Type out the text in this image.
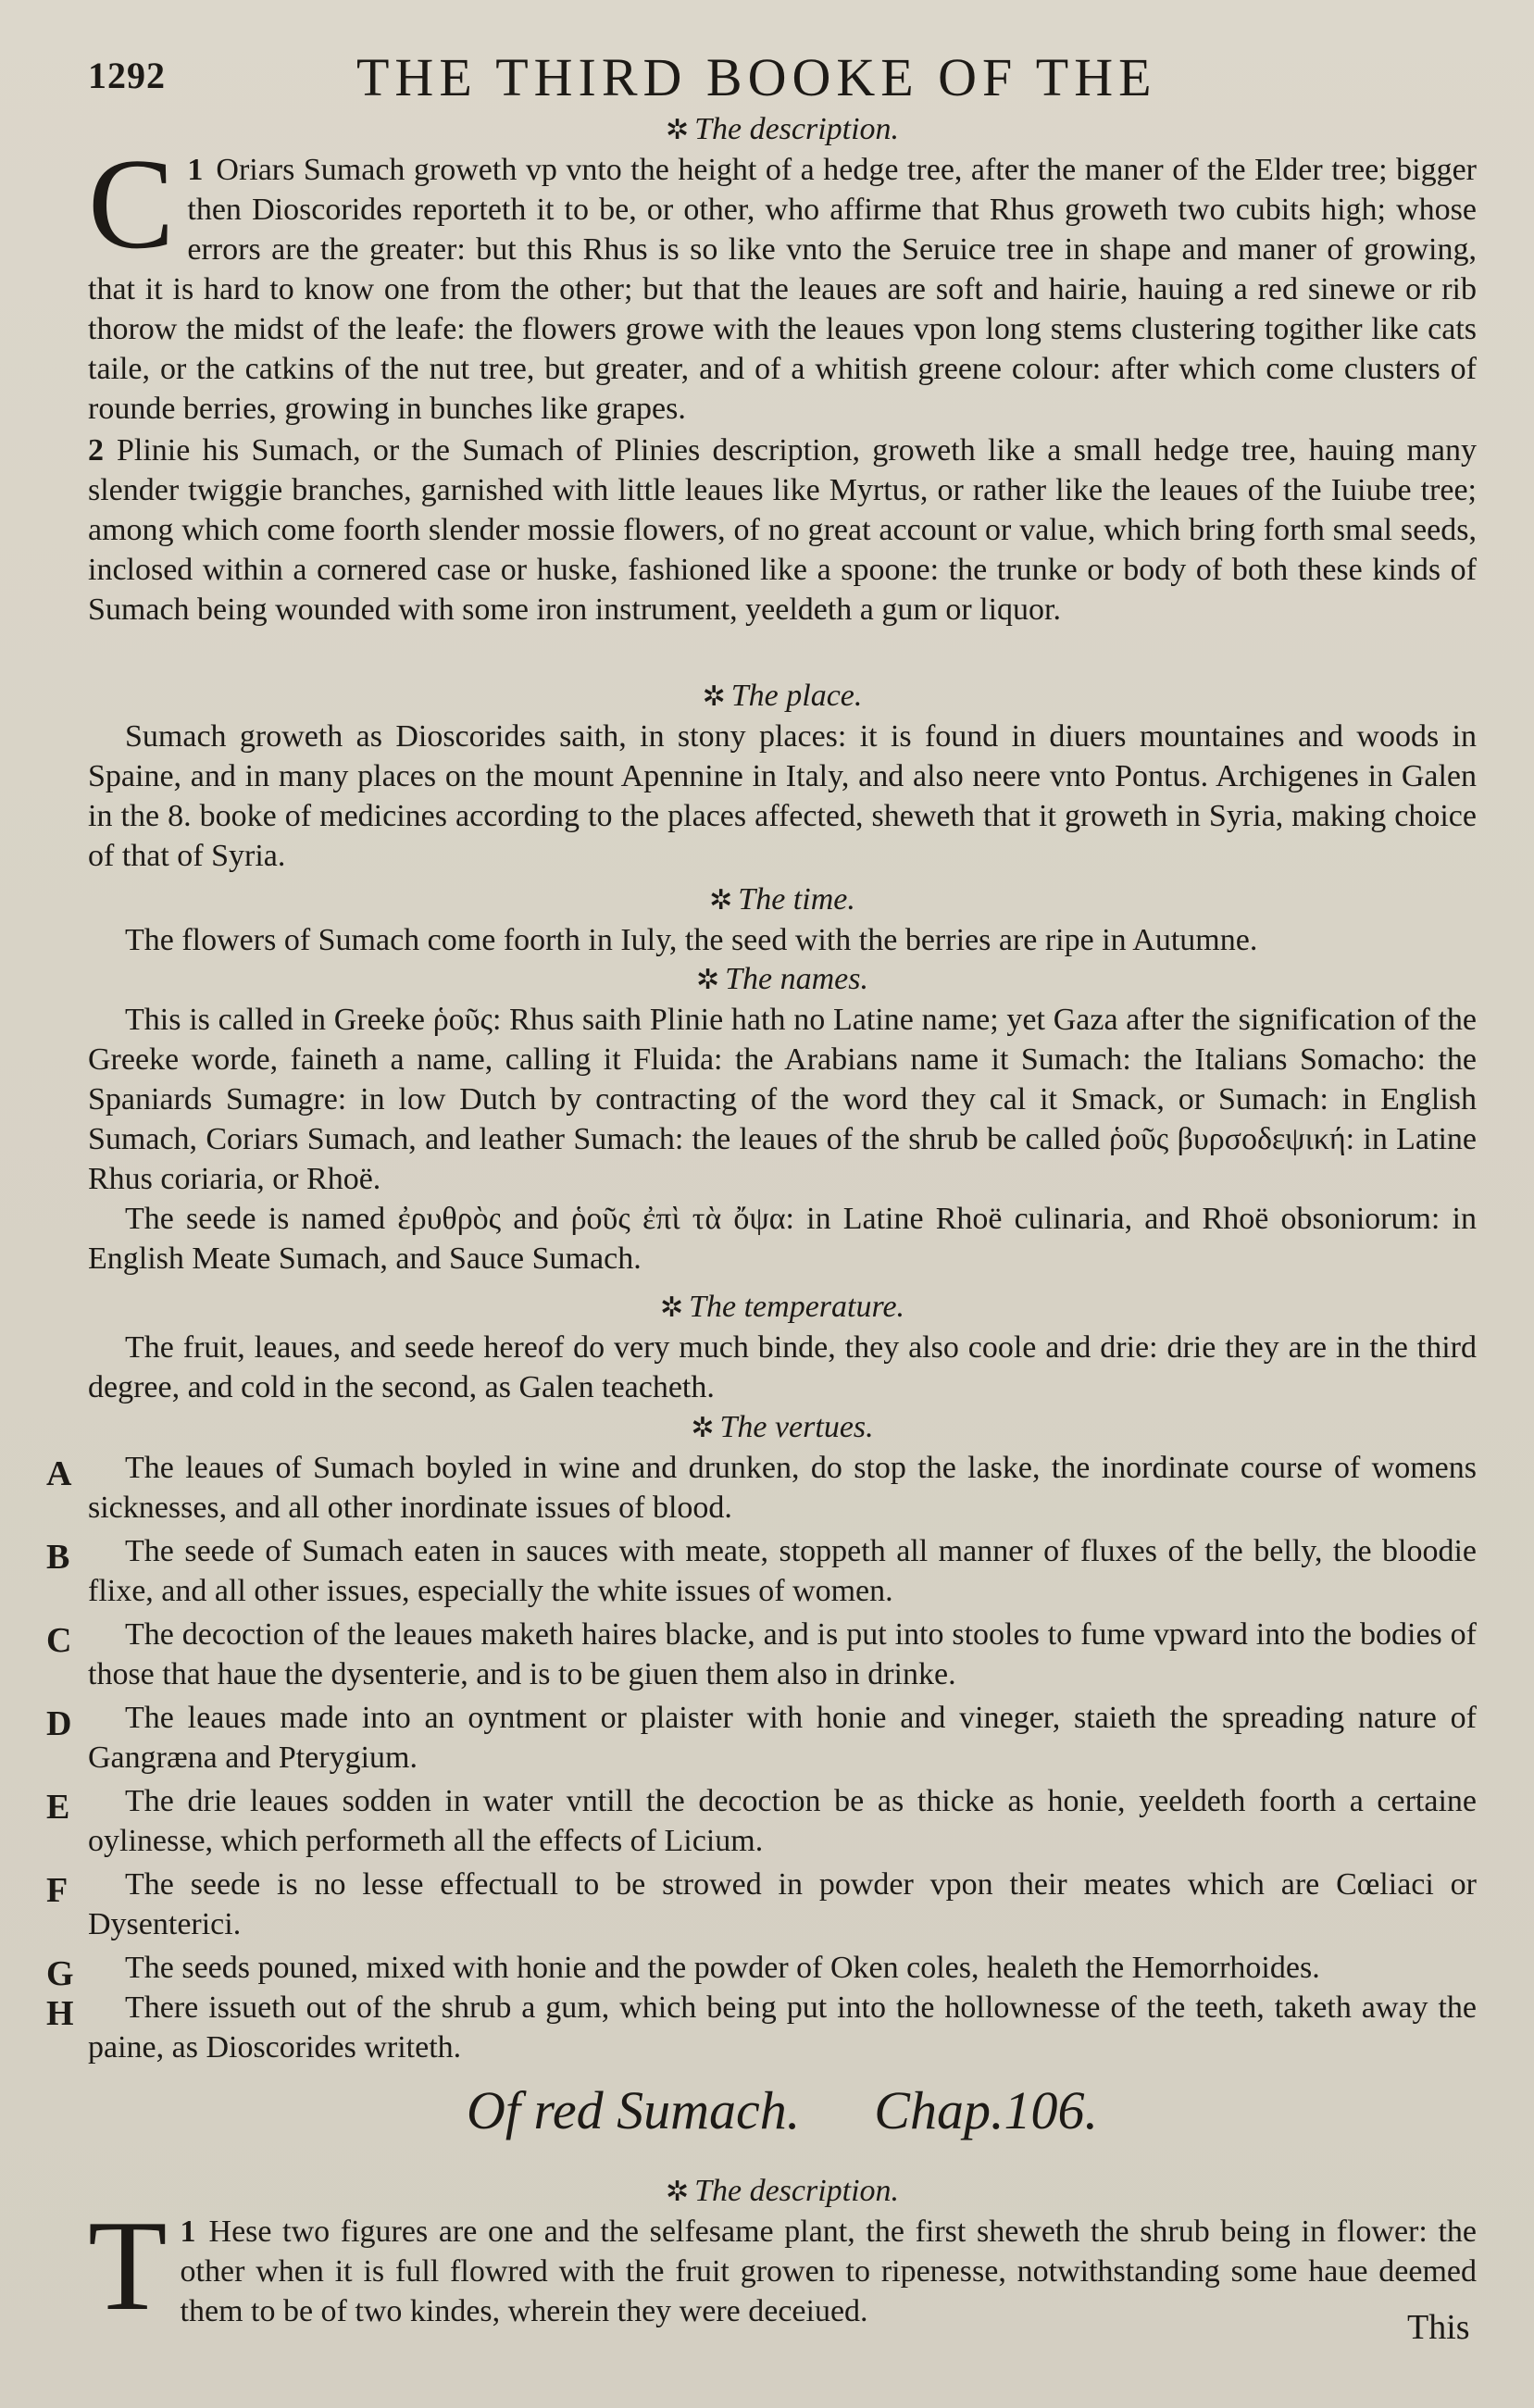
1292	THE THIRD BOOKE OF THE
✲ The description.

1
C Oriars Sumach groweth vp vnto the height of a hedge tree, after the maner of the Elder tree; bigger then Dioscorides reporteth it to be, or other, who affirme that Rhus groweth two cubits high; whose errors are the greater: but this Rhus is so like vnto the Seruice tree in shape and maner of growing, that it is hard to know one from the other; but that the leaues are soft and hairie, hauing a red sinewe or rib thorow the midst of the leafe: the flowers growe with the leaues vpon long stems clustering togither like cats taile, or the catkins of the nut tree, but greater, and of a whitish greene colour: after which come clusters of rounde berries, growing in bunches like grapes.

2 Plinie his Sumach, or the Sumach of Plinies description, groweth like a small hedge tree, hauing many slender twiggie branches, garnished with little leaues like Myrtus, or rather like the leaues of the Iuiube tree; among which come foorth slender mossie flowers, of no great account or value, which bring forth smal seeds, inclosed within a cornered case or huske, fashioned like a spoone: the trunke or body of both these kinds of Sumach being wounded with some iron instrument, yeeldeth a gum or liquor.

✲ The place.

Sumach groweth as Dioscorides saith, in stony places: it is found in diuers mountaines and woods in Spaine, and in many places on the mount Apennine in Italy, and also neere vnto Pontus. Archigenes in Galen in the 8. booke of medicines according to the places affected, sheweth that it groweth in Syria, making choice of that of Syria.

✲ The time.

The flowers of Sumach come foorth in Iuly, the seed with the berries are ripe in Autumne.

✲ The names.

This is called in Greeke ῥοῦς: Rhus saith Plinie hath no Latine name; yet Gaza after the signification of the Greeke worde, faineth a name, calling it Fluida: the Arabians name it Sumach: the Italians Somacho: the Spaniards Sumagre: in low Dutch by contracting of the word they cal it Smack, or Sumach: in English Sumach, Coriars Sumach, and leather Sumach: the leaues of the shrub be called ῥοῦς βυρσοδεψική: in Latine Rhus coriaria, or Rhoë.

The seede is named ἐρυθρὸς and ῥοῦς ἐπὶ τὰ ὄψα: in Latine Rhoë culinaria, and Rhoë obsoniorum: in English Meate Sumach, and Sauce Sumach.

✲ The temperature.

The fruit, leaues, and seede hereof do very much binde, they also coole and drie: drie they are in the third degree, and cold in the second, as Galen teacheth.

✲ The vertues.
A	The leaues of Sumach boyled in wine and drunken, do stop the laske, the inordinate course of womens sicknesses, and all other inordinate issues of blood.

B	The seede of Sumach eaten in sauces with meate, stoppeth all manner of fluxes of the belly, the bloodie flixe, and all other issues, especially the white issues of women.

C	The decoction of the leaues maketh haires blacke, and is put into stooles to fume vpward into the bodies of those that haue the dysenterie, and is to be giuen them also in drinke.

D	The leaues made into an oyntment or plaister with honie and vineger, staieth the spreading nature of Gangræna and Pterygium.

E	The drie leaues sodden in water vntill the decoction be as thicke as honie, yeeldeth foorth a certaine oylinesse, which performeth all the effects of Licium.

F	The seede is no lesse effectuall to be strowed in powder vpon their meates which are Cœliaci or Dysenterici.

G	The seeds pouned, mixed with honie and the powder of Oken coles, healeth the Hemorrhoides.

H	There issueth out of the shrub a gum, which being put into the hollownesse of the teeth, taketh away the paine, as Dioscorides writeth.

Of red Sumach. Chap.106.
✲ The description.

1
T Hese two figures are one and the selfesame plant, the first sheweth the shrub being in flower: the other when it is full flowred with the fruit growen to ripenesse, notwithstanding some haue deemed them to be of two kindes, wherein they were deceiued.	This
